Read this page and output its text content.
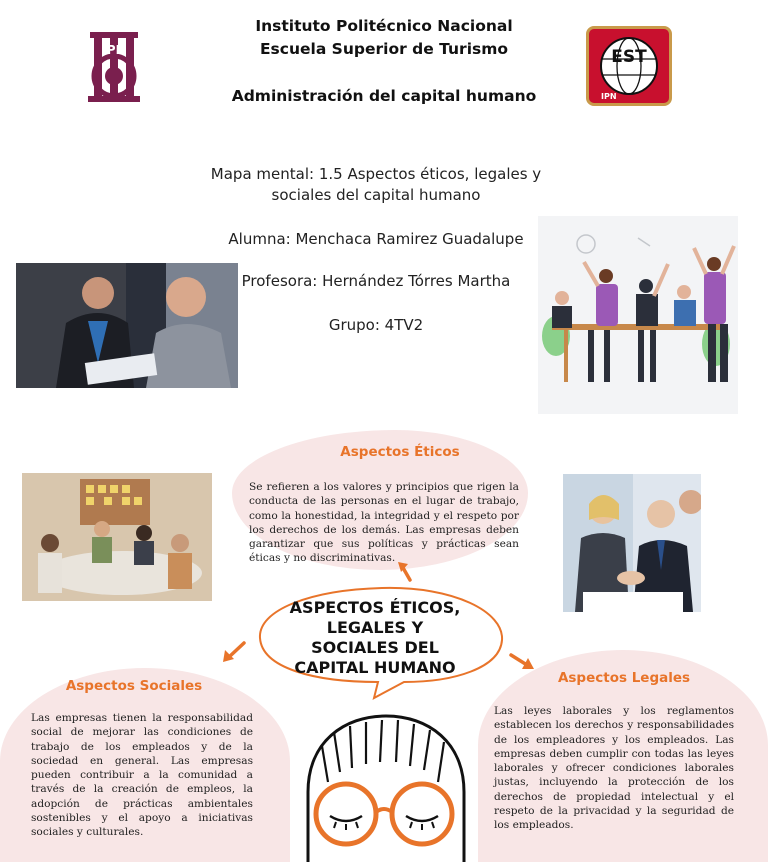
IPN
Instituto Politécnico Nacional
Escuela Superior de Turismo
Administración del capital humano
EST
IPN
Mapa mental: 1.5 Aspectos éticos, legales y sociales del capital humano
Alumna: Menchaca Ramirez Guadalupe
Profesora: Hernández Tórres Martha
Grupo: 4TV2
Aspectos Éticos
Se refieren a los valores y principios que rigen la conducta de las personas en el lugar de trabajo, como la honestidad, la integridad y el respeto por los derechos de los demás. Las empresas deben garantizar que sus políticas y prácticas sean éticas y no discriminativas.
ASPECTOS ÉTICOS, LEGALES Y SOCIALES DEL CAPITAL HUMANO
Aspectos Sociales
Las empresas tienen la responsabilidad social de mejorar las condiciones de trabajo de los empleados y de la sociedad en general. Las empresas pueden contribuir a la comunidad a través de la creación de empleos, la adopción de prácticas ambientales sostenibles y el apoyo a iniciativas sociales y culturales.
Aspectos Legales
Las leyes laborales y los reglamentos establecen los derechos y responsabilidades de los empleadores y los empleados. Las empresas deben cumplir con todas las leyes laborales y ofrecer condiciones laborales justas, incluyendo la protección de los derechos de propiedad intelectual y el respeto de la privacidad y la seguridad de los empleados.
